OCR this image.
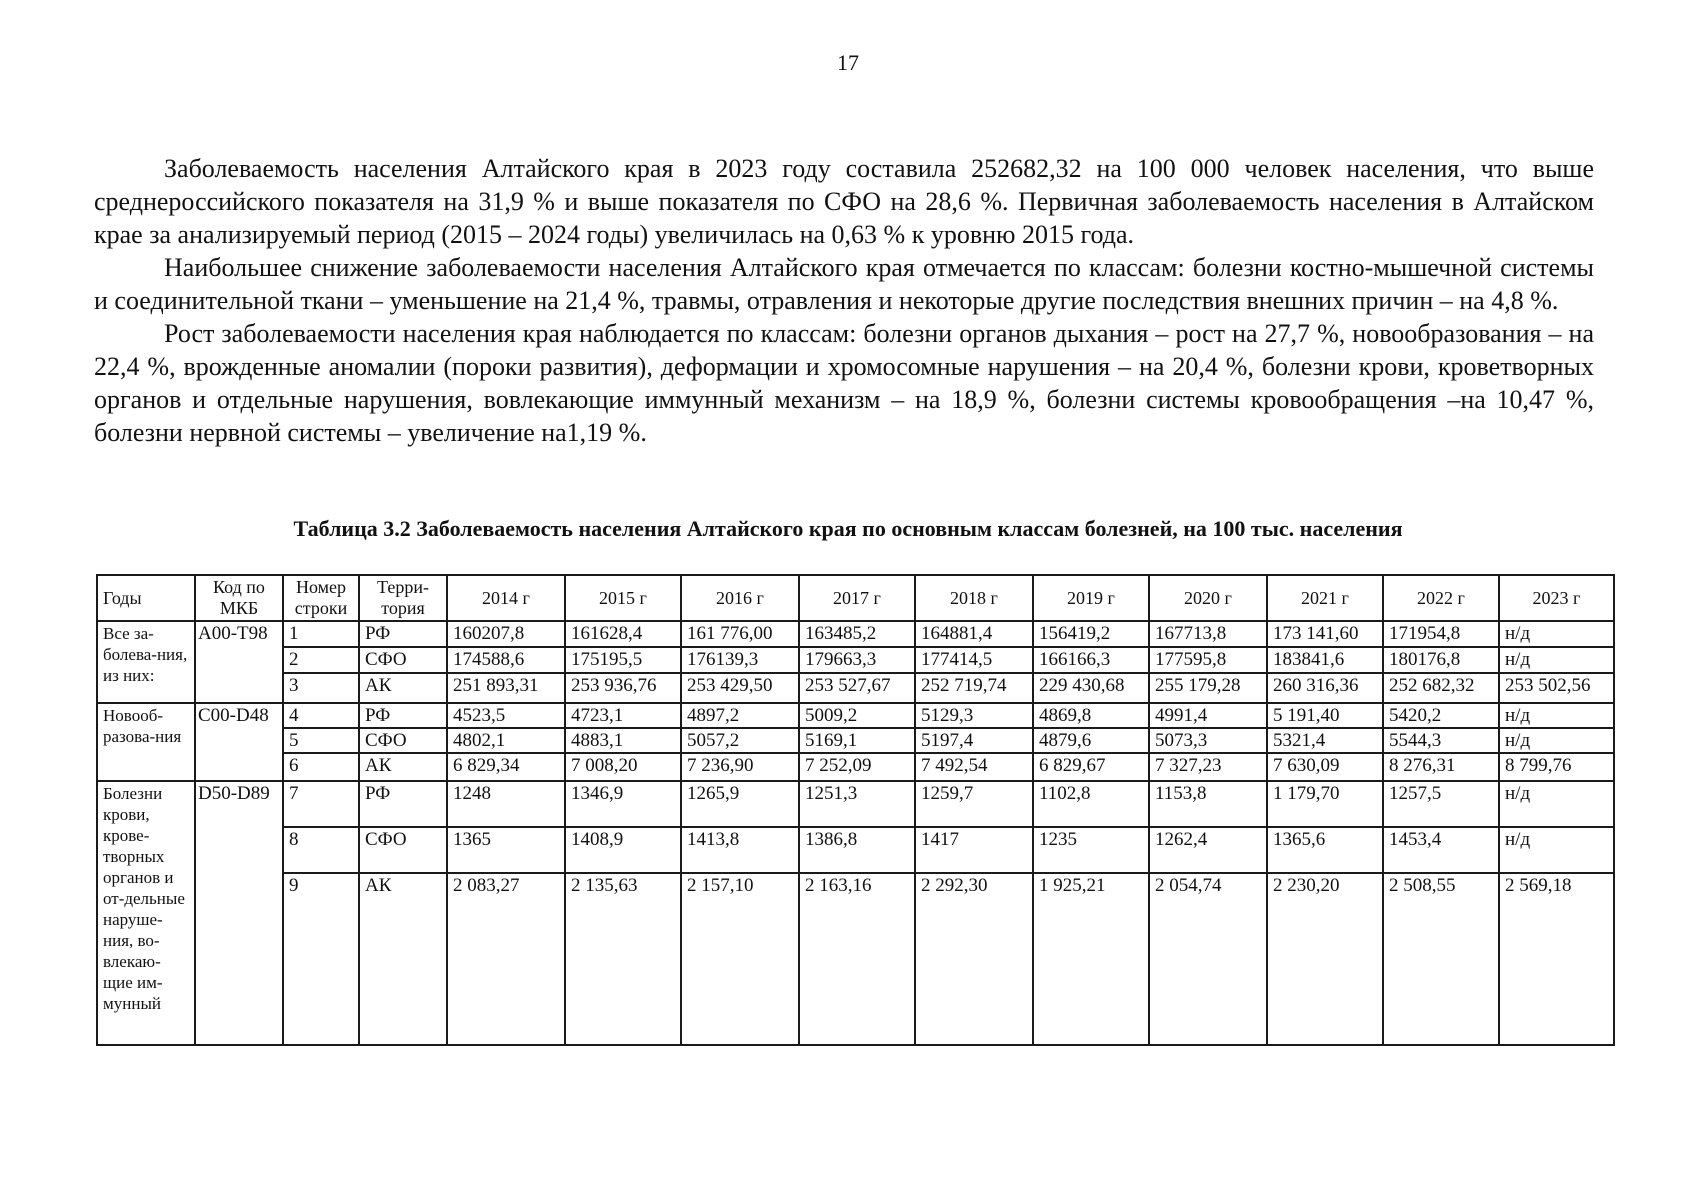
17

Заболеваемость населения Алтайского края в 2023 году составила 252682,32 на 100 000 человек населения, что выше среднероссийского показателя на 31,9 % и выше показателя по СФО на 28,6 %. Первичная заболеваемость населения в Алтайском крае за анализируемый период (2015 – 2024 годы) увеличилась на 0,63 % к уровню 2015 года.

Наибольшее снижение заболеваемости населения Алтайского края отмечается по классам: болезни костно-мышечной системы и соединительной ткани – уменьшение на 21,4 %, травмы, отравления и некоторые другие последствия внешних причин – на 4,8 %.

Рост заболеваемости населения края наблюдается по классам: болезни органов дыхания – рост на 27,7 %, новообразования – на 22,4 %, врожденные аномалии (пороки развития), деформации и хромосомные нарушения – на 20,4 %, болезни крови, кроветворных органов и отдельные нарушения, вовлекающие иммунный механизм – на 18,9 %, болезни системы кровообращения –на 10,47 %, болезни нервной системы – увеличение на1,19 %.

Таблица 3.2 Заболеваемость населения Алтайского края по основным классам болезней, на 100 тыс. населения
Годы	Код по МКБ	Номер строки	Терри-тория	2014 г	2015 г	2016 г	2017 г	2018 г	2019 г	2020 г	2021 г	2022 г	2023 г
Все за-болева-ния, из них:	A00-T98	1	РФ	160207,8	161628,4	161 776,00	163485,2	164881,4	156419,2	167713,8	173 141,60	171954,8	н/д
		2	СФО	174588,6	175195,5	176139,3	179663,3	177414,5	166166,3	177595,8	183841,6	180176,8	н/д
		3	АК	251 893,31	253 936,76	253 429,50	253 527,67	252 719,74	229 430,68	255 179,28	260 316,36	252 682,32	253 502,56
Новооб-разова-ния	C00-D48	4	РФ	4523,5	4723,1	4897,2	5009,2	5129,3	4869,8	4991,4	5 191,40	5420,2	н/д
		5	СФО	4802,1	4883,1	5057,2	5169,1	5197,4	4879,6	5073,3	5321,4	5544,3	н/д
		6	АК	6 829,34	7 008,20	7 236,90	7 252,09	7 492,54	6 829,67	7 327,23	7 630,09	8 276,31	8 799,76
Болезни крови, крове-творных органов и от-дельные наруше-ния, во-влекаю-щие им-мунный	D50-D89	7	РФ	1248	1346,9	1265,9	1251,3	1259,7	1102,8	1153,8	1 179,70	1257,5	н/д
		8	СФО	1365	1408,9	1413,8	1386,8	1417	1235	1262,4	1365,6	1453,4	н/д
		9	АК	2 083,27	2 135,63	2 157,10	2 163,16	2 292,30	1 925,21	2 054,74	2 230,20	2 508,55	2 569,18
